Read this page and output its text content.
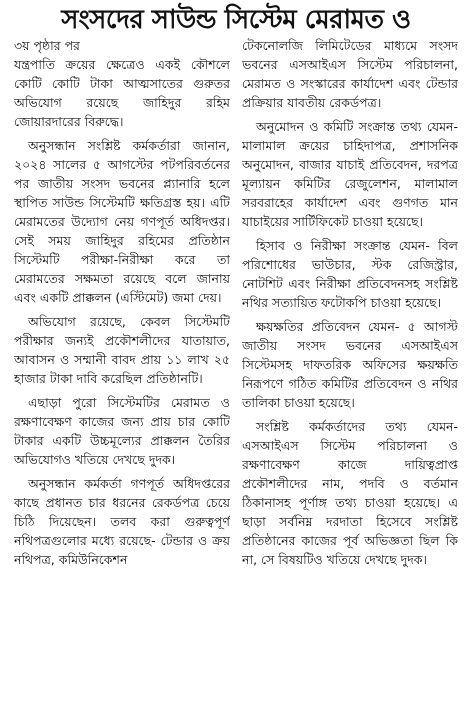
সংসদের সাউন্ড সিস্টেম মেরামত ও

৩য় পৃষ্ঠার পর

যন্ত্রপাতি ক্রয়ের ক্ষেত্রেও একই কৌশলে কোটি কোটি টাকা আত্মসাতের গুরুতর অভিযোগ রয়েছে জাহিদুর রহিম জোয়ারদারের বিরুদ্ধে।

অনুসন্ধান সংশ্লিষ্ট কর্মকর্তারা জানান, ২০২৪ সালের ৫ আগস্টের পটপরিবর্তনের পর জাতীয় সংসদ ভবনের প্ল্যানারি হলে স্থাপিত সাউন্ড সিস্টেমটি ক্ষতিগ্রস্ত হয়। এটি মেরামতের উদ্যোগ নেয় গণপূর্ত অধিদপ্তর। সেই সময় জাহিদুর রহিমের প্রতিষ্ঠান সিস্টেমটি পরীক্ষা-নিরীক্ষা করে তা মেরামতের সক্ষমতা রয়েছে বলে জানায় এবং একটি প্রাক্কলন (এস্টিমেট) জমা দেয়।

অভিযোগ রয়েছে, কেবল সিস্টেমটি পরীক্ষার জন্যই প্রকৌশলীদের যাতায়াত, আবাসন ও সম্মানী বাবদ প্রায় ১১ লাখ ২৫ হাজার টাকা দাবি করেছিল প্রতিষ্ঠানটি।

এছাড়া পুরো সিস্টেমটির মেরামত ও রক্ষণাবেক্ষণ কাজের জন্য প্রায় চার কোটি টাকার একটি উচ্চমূল্যের প্রাক্কলন তৈরির অভিযোগও খতিয়ে দেখছে দুদক।

অনুসন্ধান কর্মকর্তা গণপূর্ত অধিদপ্তরের কাছে প্রধানত চার ধরনের রেকর্ডপত্র চেয়ে চিঠি দিয়েছেন। তলব করা গুরুত্বপূর্ণ নথিপত্রগুলোর মধ্যে রয়েছে- টেন্ডার ও ক্রয় নথিপত্র, কমিউনিকেশন

টেকনোলজি লিমিটেডের মাধ্যমে সংসদ ভবনের এসআইএস সিস্টেম পরিচালনা, মেরামত ও সংস্কারের কার্যাদেশ এবং টেন্ডার প্রক্রিয়ার যাবতীয় রেকর্ডপত্র।

অনুমোদন ও কমিটি সংক্রান্ত তথ্য যেমন- মালামাল ক্রয়ের চাহিদাপত্র, প্রশাসনিক অনুমোদন, বাজার যাচাই প্রতিবেদন, দরপত্র মূল্যায়ন কমিটির রেজুলেশন, মালামাল সরবরাহের কার্যাদেশ এবং গুণগত মান যাচাইয়ের সার্টিফিকেট চাওয়া হয়েছে।

হিসাব ও নিরীক্ষা সংক্রান্ত যেমন- বিল পরিশোধের ভাউচার, স্টক রেজিস্ট্রার, নোটশিট এবং নিরীক্ষা প্রতিবেদনসহ সংশ্লিষ্ট নথির সত্যায়িত ফটোকপি চাওয়া হয়েছে।

ক্ষয়ক্ষতির প্রতিবেদন যেমন- ৫ আগস্ট জাতীয় সংসদ ভবনের এসআইএস সিস্টেমসহ দাফতরিক অফিসের ক্ষয়ক্ষতি নিরূপণে গঠিত কমিটির প্রতিবেদন ও নথির তালিকা চাওয়া হয়েছে।

সংশ্লিষ্ট কর্মকর্তাদের তথ্য যেমন- এসআইএস সিস্টেম পরিচালনা ও রক্ষণাবেক্ষণ কাজে দায়িত্বপ্রাপ্ত প্রকৌশলীদের নাম, পদবি ও বর্তমান ঠিকানাসহ পূর্ণাঙ্গ তথ্য চাওয়া হয়েছে। এ ছাড়া সর্বনিম্ন দরদাতা হিসেবে সংশ্লিষ্ট প্রতিষ্ঠানের কাজের পূর্ব অভিজ্ঞতা ছিল কি না, সে বিষয়টিও খতিয়ে দেখছে দুদক।
